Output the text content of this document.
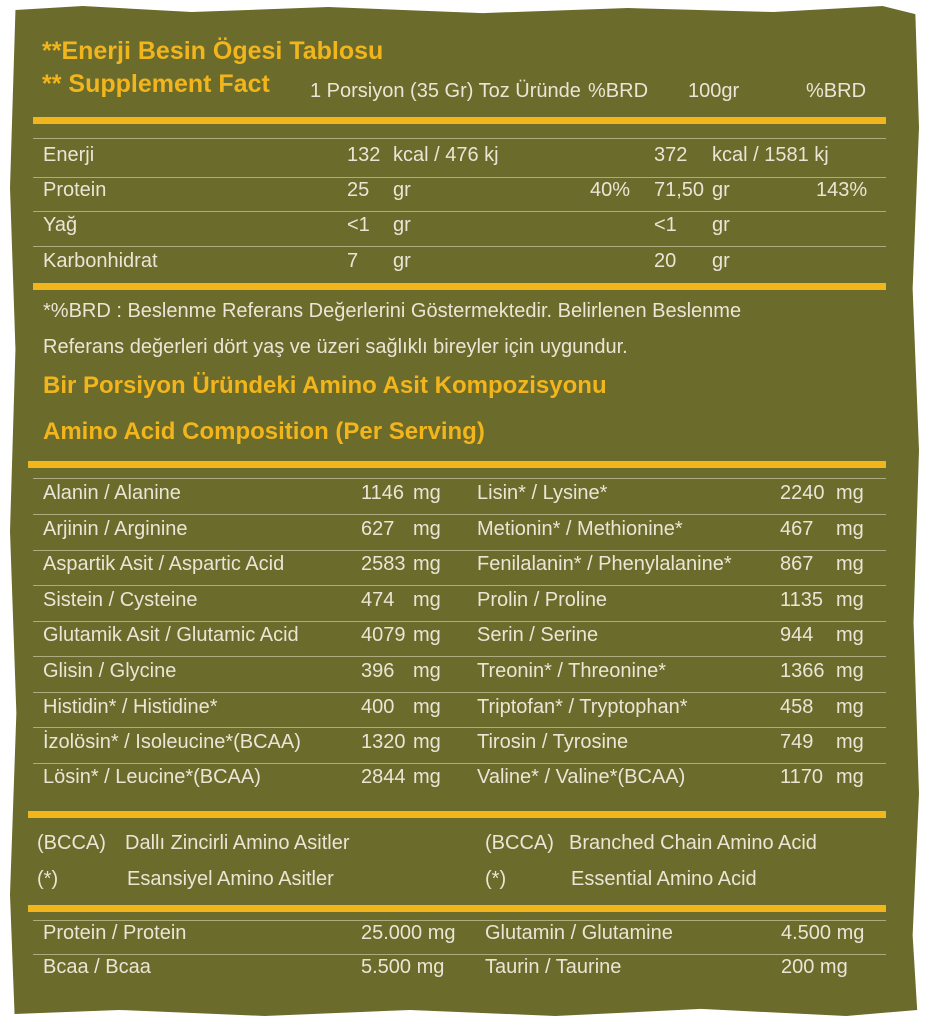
**Enerji Besin Ögesi Tablosu
** Supplement Fact 1 Porsiyon (35 Gr) Toz Üründe %BRD 100gr	%BRD
Enerji	132 kcal / 476 kj	372 kcal / 1581 kj
Protein	25 gr	40% 71,50 gr	143%
Yağ	<1 gr	<1 gr
Karbonhidrat	7 gr	20 gr
*%BRD : Beslenme Referans Değerlerini Göstermektedir. Belirlenen Beslenme
Referans değerleri dört yaş ve üzeri sağlıklı bireyler için uygundur.
Bir Porsiyon Üründeki Amino Asit Kompozisyonu
Amino Acid Composition (Per Serving)
Alanin / Alanine	1146 mg Lisin* / Lysine*	2240 mg
Arjinin / Arginine	627 mg Metionin* / Methionine*	467 mg
Aspartik Asit / Aspartic Acid	2583 mg Fenilalanin* / Phenylalanine* 867 mg
Sistein / Cysteine	474 mg Prolin / Proline	1135 mg
Glutamik Asit / Glutamic Acid	4079 mg Serin / Serine	944 mg
Glisin / Glycine	396 mg Treonin* / Threonine*	1366 mg
Histidin* / Histidine*	400 mg Triptofan* / Tryptophan*	458 mg
İzolösin* / Isoleucine*(BCAA)	1320 mg Tirosin / Tyrosine	749 mg
Lösin* / Leucine*(BCAA)	2844 mg Valine* / Valine*(BCAA)	1170 mg
(BCCA) Dallı Zincirli Amino Asitler	(BCCA) Branched Chain Amino Acid
(*)	Esansiyel Amino Asitler	(*)	Essential Amino Acid
Protein / Protein	25.000 mg Glutamin / Glutamine	4.500 mg
Bcaa / Bcaa	5.500 mg Taurin / Taurine	200 mg
